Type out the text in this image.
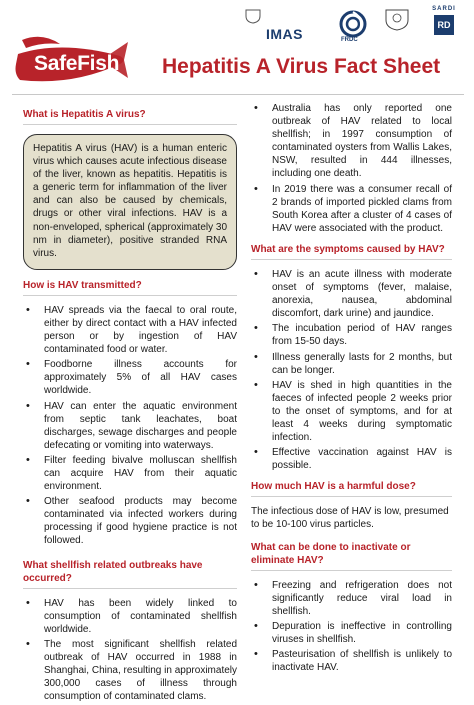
SafeFish Hepatitis A Virus Fact Sheet
IMAS	FRDC
SARDI
RD
What is Hepatitis A virus?
Hepatitis A virus (HAV) is a human enteric virus which causes acute infectious disease of the liver, known as hepatitis. Hepatitis is a generic term for inflammation of the liver and can also be caused by chemicals, drugs or other viral infections. HAV is a non-enveloped, spherical (approximately 30 nm in diameter), positive stranded RNA virus.
How is HAV transmitted?
• HAV spreads via the faecal to oral route, either by direct contact with a HAV infected person or by ingestion of HAV contaminated food or water.
• Foodborne illness accounts for approximately 5% of all HAV cases worldwide.
• HAV can enter the aquatic environment from septic tank leachates, boat discharges, sewage discharges and people defecating or vomiting into waterways.
• Filter feeding bivalve molluscan shellfish can acquire HAV from their aquatic environment.
• Other seafood products may become contaminated via infected workers during processing if good hygiene practice is not followed.
What shellfish related outbreaks have occurred?
• HAV has been widely linked to consumption of contaminated shellfish worldwide.
• The most significant shellfish related outbreak of HAV occurred in 1988 in Shanghai, China, resulting in approximately 300,000 cases of illness through consumption of contaminated clams.
• Australia has only reported one outbreak of HAV related to local shellfish; in 1997 consumption of contaminated oysters from Wallis Lakes, NSW, resulted in 444 illnesses, including one death.
• In 2019 there was a consumer recall of 2 brands of imported pickled clams from South Korea after a cluster of 4 cases of HAV were associated with the product.
What are the symptoms caused by HAV?
• HAV is an acute illness with moderate onset of symptoms (fever, malaise, anorexia, nausea, abdominal discomfort, dark urine) and jaundice.
• The incubation period of HAV ranges from 15-50 days.
• Illness generally lasts for 2 months, but can be longer.
• HAV is shed in high quantities in the faeces of infected people 2 weeks prior to the onset of symptoms, and for at least 4 weeks during symptomatic infection.
• Effective vaccination against HAV is possible.
How much HAV is a harmful dose?
The infectious dose of HAV is low, presumed to be 10-100 virus particles.
What can be done to inactivate or eliminate HAV?
• Freezing and refrigeration does not significantly reduce viral load in shellfish.
• Depuration is ineffective in controlling viruses in shellfish.
• Pasteurisation of shellfish is unlikely to inactivate HAV.
